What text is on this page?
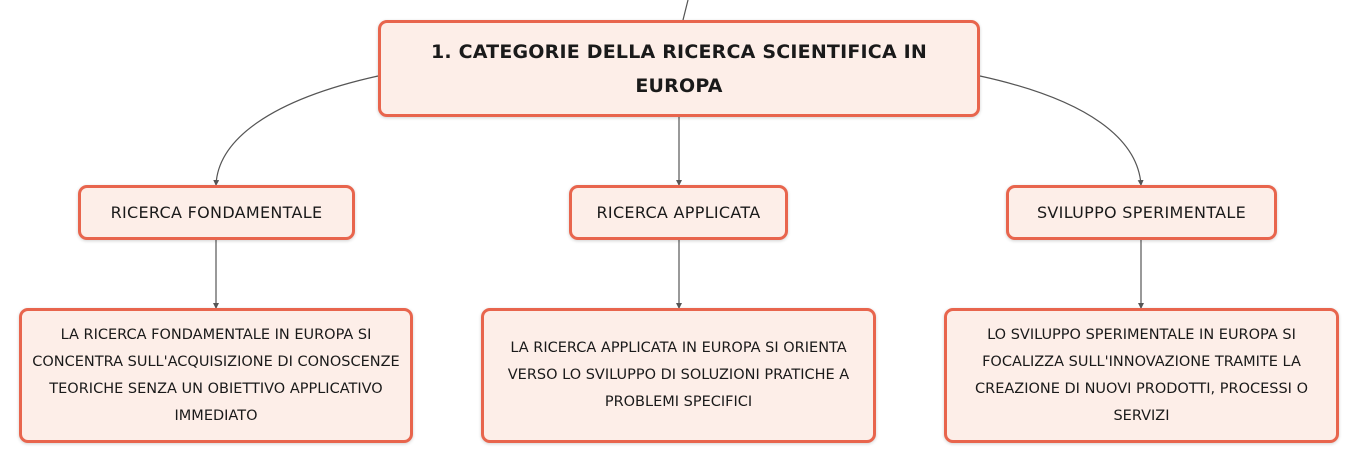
1. CATEGORIE DELLA RICERCA SCIENTIFICA IN EUROPA
RICERCA FONDAMENTALE	RICERCA APPLICATA	SVILUPPO SPERIMENTALE
LA RICERCA FONDAMENTALE IN EUROPA SI CONCENTRA SULL'ACQUISIZIONE DI CONOSCENZE TEORICHE SENZA UN OBIETTIVO APPLICATIVO IMMEDIATO
LA RICERCA APPLICATA IN EUROPA SI ORIENTA VERSO LO SVILUPPO DI SOLUZIONI PRATICHE A PROBLEMI SPECIFICI
LO SVILUPPO SPERIMENTALE IN EUROPA SI FOCALIZZA SULL'INNOVAZIONE TRAMITE LA CREAZIONE DI NUOVI PRODOTTI, PROCESSI O SERVIZI
